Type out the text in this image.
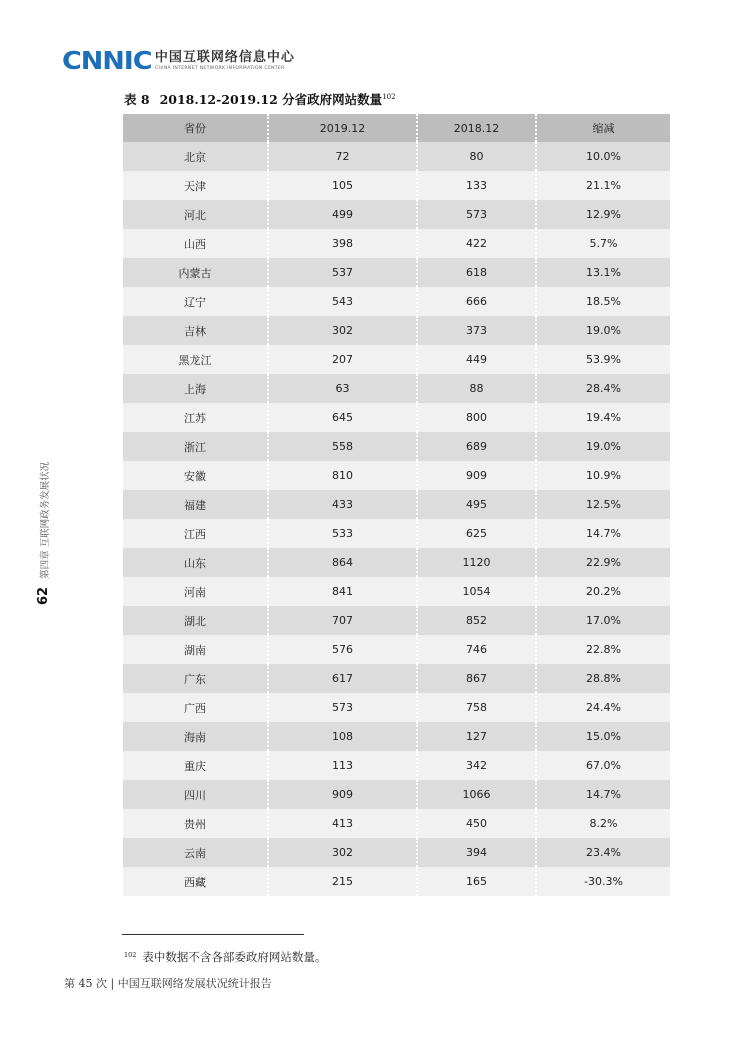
CNNIC 中国互联网络信息中心
CHINA INTERNET NETWORK INFORMATION CENTER
表 8 2018.12-2019.12 分省政府网站数量$^{102}$
省份	2019.12	2018.12	缩减
北京	72	80	10.0%
天津	105	133	21.1%
河北	499	573	12.9%
山西	398	422	5.7%
内蒙古	537	618	13.1%
辽宁	543	666	18.5%
吉林	302	373	19.0%
黑龙江	207	449	53.9%
上海	63	88	28.4%
江苏	645	800	19.4%
浙江	558	689	19.0%
安徽	810	909	10.9%
福建	433	495	12.5%
江西	533	625	14.7%
山东	864	1120	22.9%
河南	841	1054	20.2%
湖北	707	852	17.0%
湖南	576	746	22.8%
广东	617	867	28.8%
广西	573	758	24.4%
海南	108	127	15.0%
重庆	113	342	67.0%
四川	909	1066	14.7%
贵州	413	450	8.2%
云南	302	394	23.4%
西藏	215	165	-30.3%
62
第四章 互联网政务发展状况
$^{102}$ 表中数据不含各部委政府网站数量。
第 45 次 | 中国互联网络发展状况统计报告
